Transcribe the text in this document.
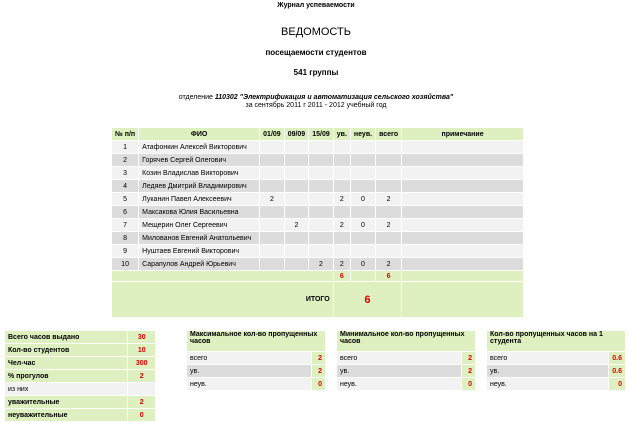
Журнал успеваемости
ВЕДОМОСТЬ
посещаемости студентов
541 группы
отделение 110302 "Электрификация и автоматизация сельского хозяйства"
за сентябрь 2011 г 2011 - 2012 учебный год
№ п/п	ФИО	01/09	09/09	15/09	ув.	неув.	всего	примечание
1	Атафонкин Алексей Викторович							
2	Горячев Сергей Олегович							
3	Козин Владислав Викторович							
4	Ледяев Дмитрий Владимирович							
5	Луканин Павел Алексеевич	2			2	0	2	
6	Максакова Юлия Васильевна							
7	Мещерин Олег Сергеевич		2		2	0	2	
8	Милованов Евгений Анатольевич							
9	Нуштаев Евгений Викторович							
10	Сарапулов Андрей Юрьевич			2	2	0	2	
					6		6	
ИТОГО					6			
Всего часов выдано	30
Кол-во студентов	10
Чел-час	300
% прогулов	2
из них	
уважительные	2
неуважительные	0
Максимальное кол-во пропущенных часов	
всего	2
ув.	2
неув.	0
Минимальное кол-во пропущенных часов	
всего	2
ув.	2
неув.	0
Кол-во пропущенных часов на 1 студента	
всего	0.6
ув.	0.6
неув.	0
